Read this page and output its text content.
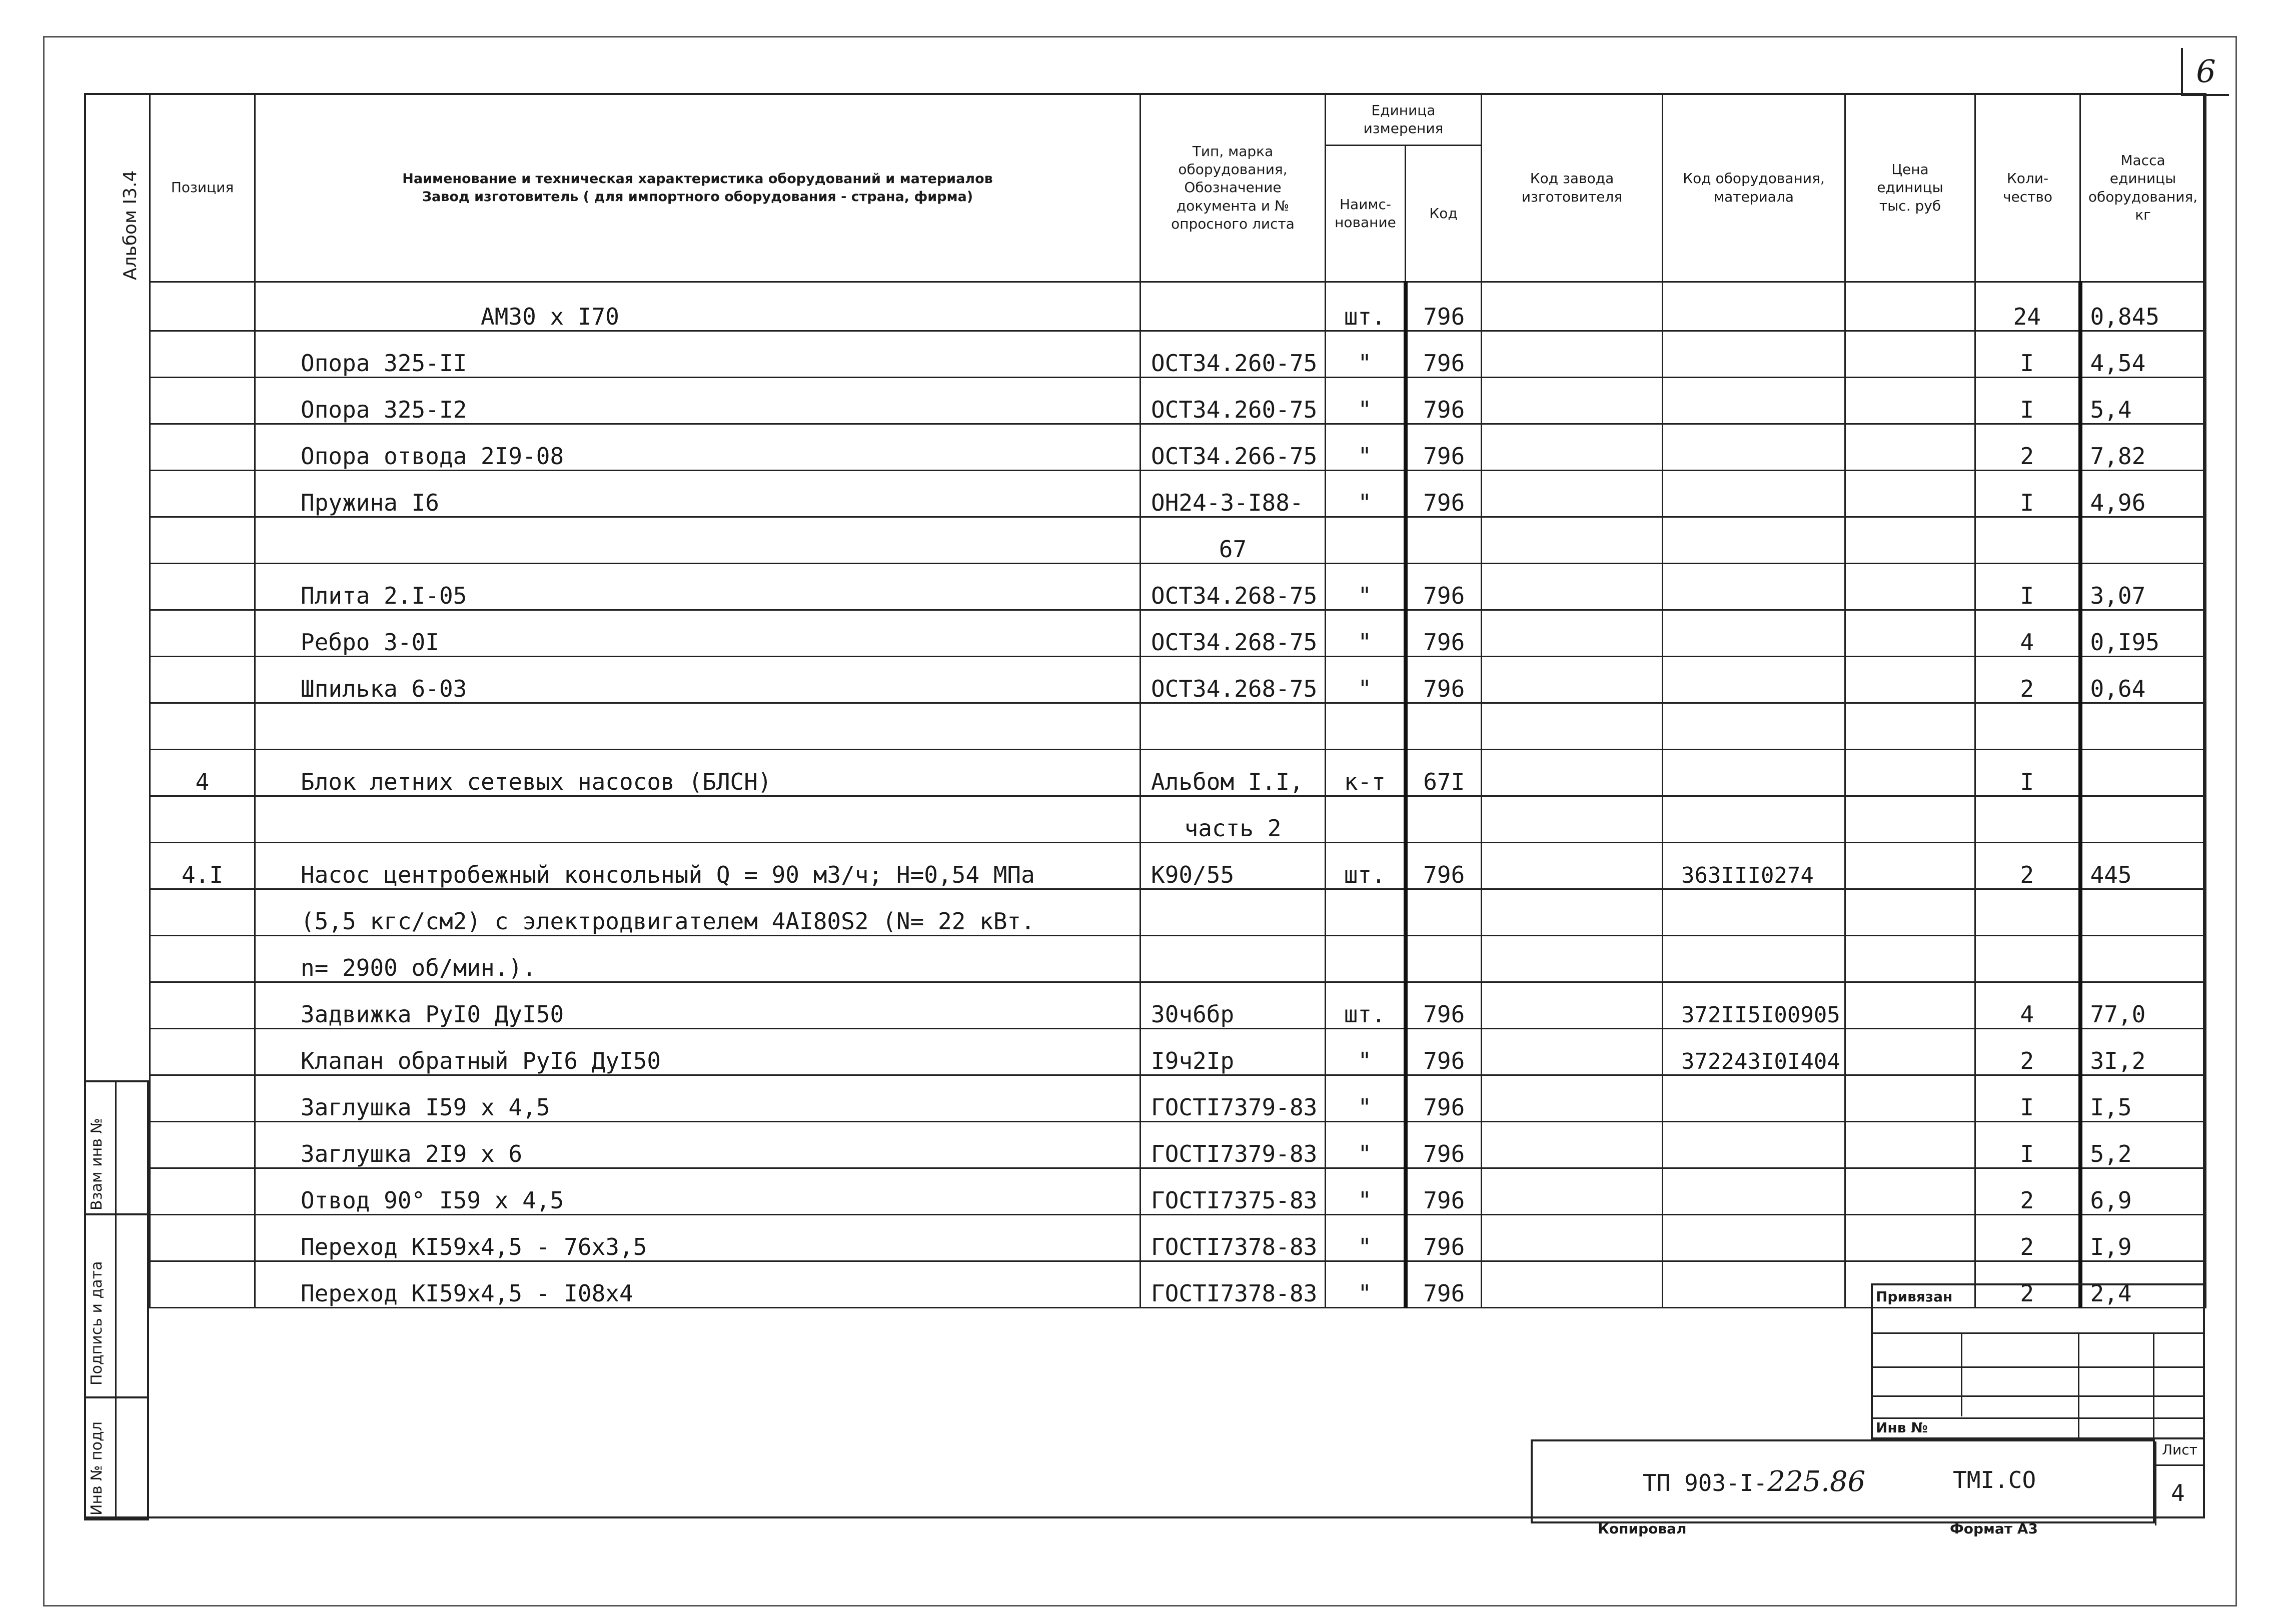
6
Альбом I3.4 Позиция	Наименование и техническая характеристика оборудований и материалов
Завод изготовитель ( для импортного оборудования - страна, фирма)	Тип, марка оборудования, Обозначение документа и № опросного листа	Единица измерения		Код завода изготовителя	Код оборудования, материала	Цена единицы тыс. руб	Коли-чество	Масса единицы оборудования, кг
			Наимс-нование	Код					
	АМ30 x I70		шт.	796				24	0,845
	Опора 325-II	ОСТ34.260-75	"	796				I	4,54
	Опора 325-I2	ОСТ34.260-75	"	796				I	5,4
	Опора отвода 2I9-08	ОСТ34.266-75	"	796				2	7,82
	Пружина I6	ОН24-3-I88-	"	796				I	4,96
		67							
	Плита 2.I-05	ОСТ34.268-75	"	796				I	3,07
	Ребро 3-0I	ОСТ34.268-75	"	796				4	0,I95
	Шпилька 6-03	ОСТ34.268-75	"	796				2	0,64

4	Блок летних сетевых насосов (БЛСН)	Альбом I.I,	к-т	67I				I	
		часть 2							
4.I	Насос центробежный консольный Q = 90 м3/ч; Н=0,54 МПа	К90/55	шт.	796		363III0274		2	445
	(5,5 кгс/см2) с электродвигателем 4АI80S2 (N= 22 кВт.								
	n= 2900 об/мин.).								
	Задвижка РуI0 ДуI50	30ч6бр	шт.	796		372II5I00905		4	77,0
	Клапан обратный РуI6 ДуI50	I9ч2Iр	"	796		372243I0I404		2	3I,2
	Заглушка I59 x 4,5	ГОСТI7379-83	"	796				I	I,5
	Заглушка 2I9 x 6	ГОСТI7379-83	"	796				I	5,2
	Отвод 90° I59 x 4,5	ГОСТI7375-83	"	796				2	6,9
	Переход КI59x4,5 - 76x3,5	ГОСТI7378-83	"	796				2	I,9
	Переход КI59x4,5 - I08x4	ГОСТI7378-83	"	796				2	2,4
Взам инв №
Подпись и дата
Инв № подл
Привязан
Инв №
ТП 903-I-225.86	ТМI.СО
Лист
4
Копировал	Формат А3
